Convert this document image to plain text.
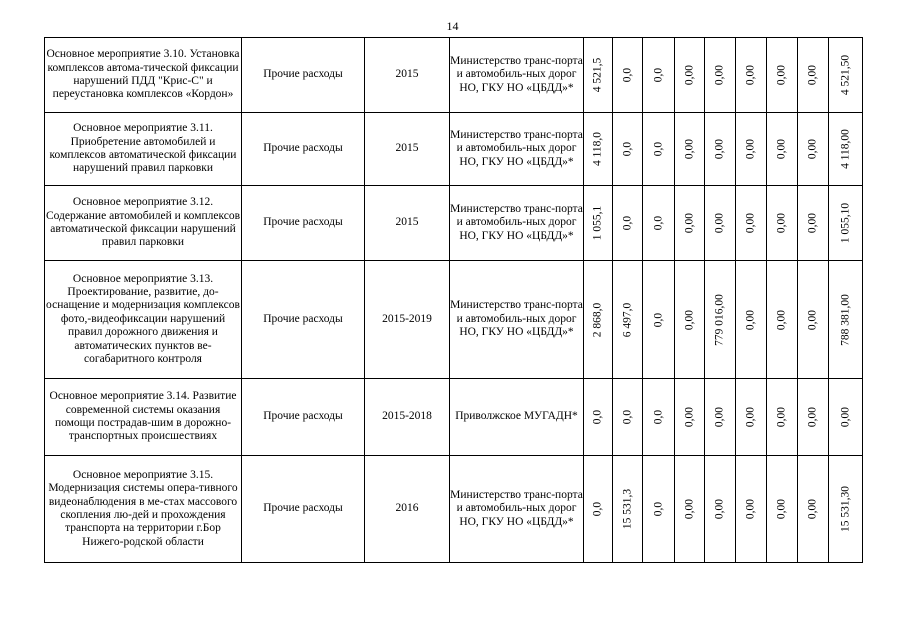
14
Основное мероприятие 3.10. Установка комплексов автома-тической фиксации нарушений ПДД "Крис-С" и переустановка комплексов «Кордон»	Прочие расходы	2015	Министерство транс-порта и автомобиль-ных дорог НО, ГКУ НО «ЦБДД»*	4 521,5	0,0	0,0	0,00	0,00	0,00	0,00	0,00	4 521,50

Основное мероприятие 3.11. Приобретение автомобилей и комплексов автоматической фиксации нарушений правил парковки	Прочие расходы	2015	Министерство транс-порта и автомобиль-ных дорог НО, ГКУ НО «ЦБДД»*	4 118,0	0,0	0,0	0,00	0,00	0,00	0,00	0,00	4 118,00

Основное мероприятие 3.12. Содержание автомобилей и комплексов автоматической фиксации нарушений правил парковки	Прочие расходы	2015	Министерство транс-порта и автомобиль-ных дорог НО, ГКУ НО «ЦБДД»*	1 055,1	0,0	0,0	0,00	0,00	0,00	0,00	0,00	1 055,10

Основное мероприятие 3.13. Проектирование, развитие, до-оснащение и модернизация комплексов фото,-видеофиксации нарушений правил дорожного движения и автоматических пунктов ве-согабаритного контроля	Прочие расходы	2015-2019	Министерство транс-порта и автомобиль-ных дорог НО, ГКУ НО «ЦБДД»*	2 868,0	6 497,0	0,0	0,00	779 016,00	0,00	0,00	0,00	788 381,00

Основное мероприятие 3.14. Развитие современной системы оказания помощи пострадав-шим в дорожно-транспортных происшествиях	Прочие расходы	2015-2018	Приволжское МУГАДН*	0,0	0,0	0,0	0,00	0,00	0,00	0,00	0,00	0,00

Основное мероприятие 3.15. Модернизация системы опера-тивного видеонаблюдения в ме-стах массового скопления лю-дей и прохождения транспорта на территории г.Бор Нижего-родской области	Прочие расходы	2016	Министерство транс-порта и автомобиль-ных дорог НО, ГКУ НО «ЦБДД»*	0,0	15 531,3	0,0	0,00	0,00	0,00	0,00	0,00	15 531,30
